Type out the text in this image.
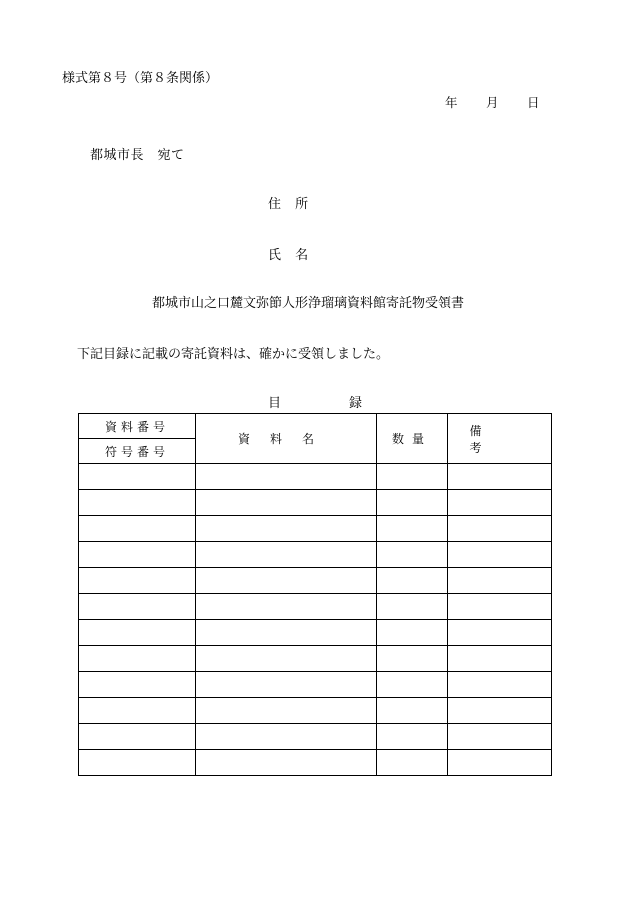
様式第８号（第８条関係）
年 月 日
都城市長　宛て
住 所
氏 名
都城市山之口麓文弥節人形浄瑠璃資料館寄託物受領書
下記目録に記載の寄託資料は、確かに受領しました。
目録
資料番号	資料名	数量	備考
符号番号			
